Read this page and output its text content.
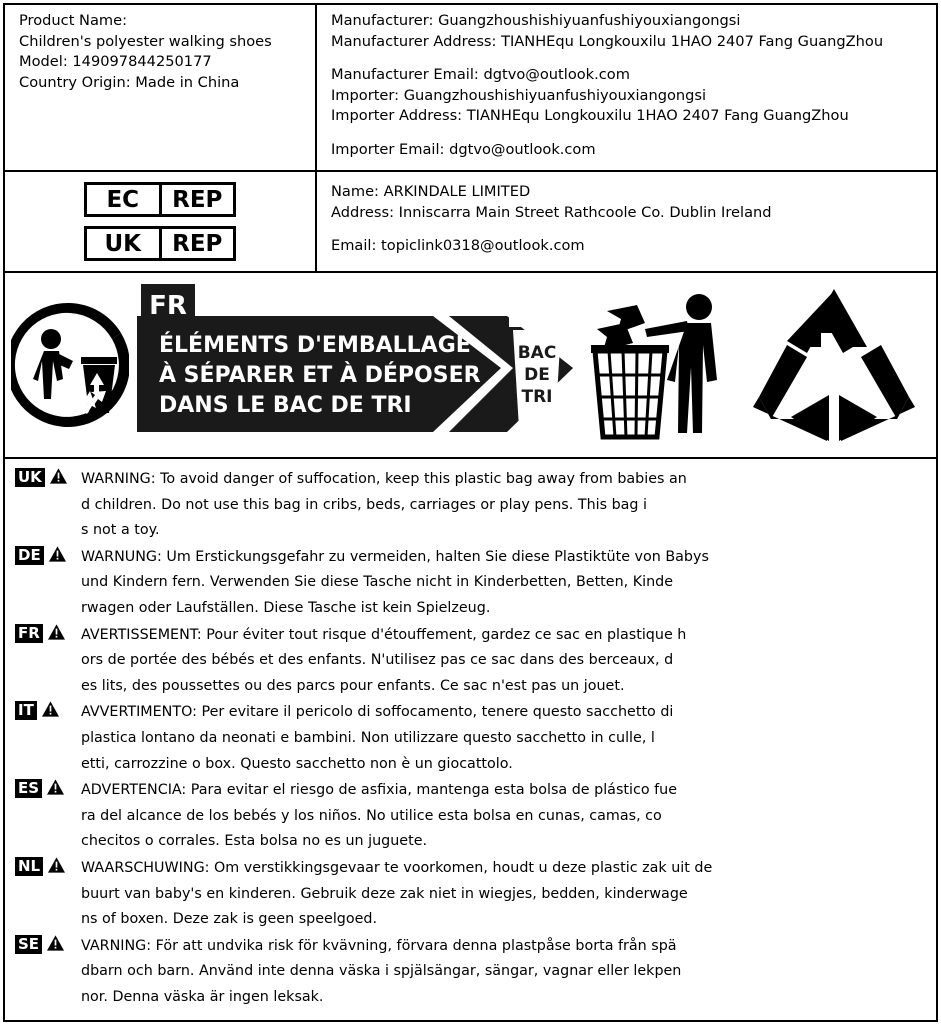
Product Name:
Children's polyester walking shoes
Model: 149097844250177
Country Origin: Made in China
Manufacturer: Guangzhoushishiyuanfushiyouxiangongsi
Manufacturer Address: TIANHEqu Longkouxilu 1HAO 2407 Fang GuangZhou
Manufacturer Email: dgtvo@outlook.com
Importer: Guangzhoushishiyuanfushiyouxiangongsi
Importer Address: TIANHEqu Longkouxilu 1HAO 2407 Fang GuangZhou
Importer Email: dgtvo@outlook.com
EC	REP
UK	REP
Name: ARKINDALE LIMITED
Address: Inniscarra Main Street Rathcoole Co. Dublin Ireland
Email: topiclink0318@outlook.com
FR
ÉLÉMENTS D'EMBALLAGE
À SÉPARER ET À DÉPOSER
DANS LE BAC DE TRI
BAC
DE
TRI
UK	WARNING: To avoid danger of suffocation, keep this plastic bag away from babies an
d children. Do not use this bag in cribs, beds, carriages or play pens. This bag i
s not a toy.
DE	WARNUNG: Um Erstickungsgefahr zu vermeiden, halten Sie diese Plastiktüte von Babys
und Kindern fern. Verwenden Sie diese Tasche nicht in Kinderbetten, Betten, Kinde
rwagen oder Laufställen. Diese Tasche ist kein Spielzeug.
FR	AVERTISSEMENT: Pour éviter tout risque d'étouffement, gardez ce sac en plastique h
ors de portée des bébés et des enfants. N'utilisez pas ce sac dans des berceaux, d
es lits, des poussettes ou des parcs pour enfants. Ce sac n'est pas un jouet.
IT	AVVERTIMENTO: Per evitare il pericolo di soffocamento, tenere questo sacchetto di
plastica lontano da neonati e bambini. Non utilizzare questo sacchetto in culle, l
etti, carrozzine o box. Questo sacchetto non è un giocattolo.
ES	ADVERTENCIA: Para evitar el riesgo de asfixia, mantenga esta bolsa de plástico fue
ra del alcance de los bebés y los niños. No utilice esta bolsa en cunas, camas, co
checitos o corrales. Esta bolsa no es un juguete.
NL	WAARSCHUWING: Om verstikkingsgevaar te voorkomen, houdt u deze plastic zak uit de
buurt van baby's en kinderen. Gebruik deze zak niet in wiegjes, bedden, kinderwage
ns of boxen. Deze zak is geen speelgoed.
SE	VARNING: För att undvika risk för kvävning, förvara denna plastpåse borta från spä
dbarn och barn. Använd inte denna väska i spjälsängar, sängar, vagnar eller lekpen
nor. Denna väska är ingen leksak.
